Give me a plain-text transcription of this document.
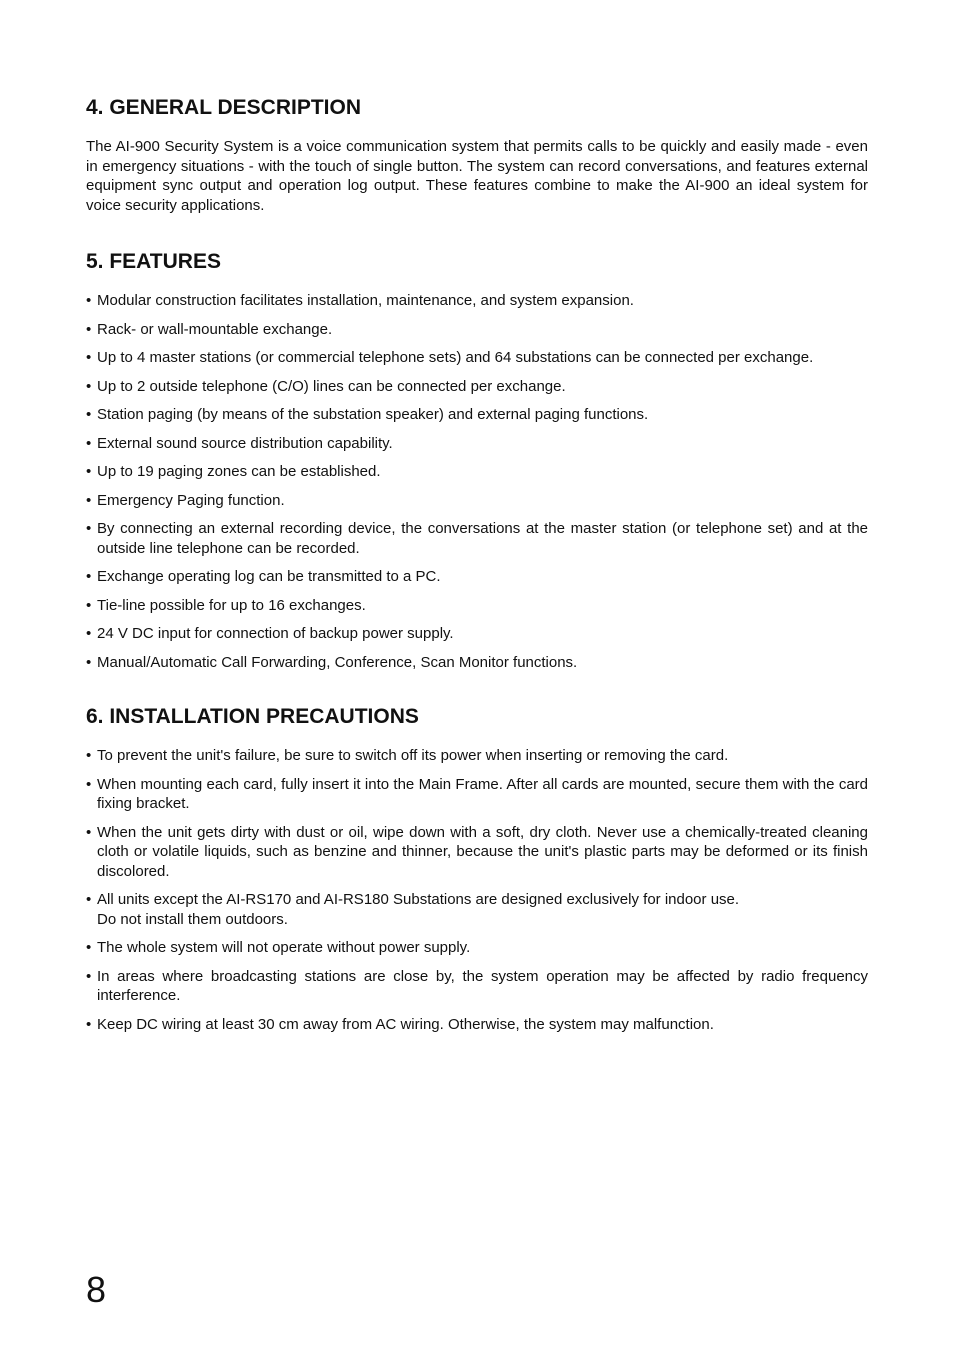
4. GENERAL DESCRIPTION

The AI-900 Security System is a voice communication system that permits calls to be quickly and easily made - even in emergency situations - with the touch of single button. The system can record conversations, and features external equipment sync output and operation log output. These features combine to make the AI-900 an ideal system for voice security applications.

5. FEATURES
• Modular construction facilitates installation, maintenance, and system expansion.
• Rack- or wall-mountable exchange.
• Up to 4 master stations (or commercial telephone sets) and 64 substations can be connected per exchange.
• Up to 2 outside telephone (C/O) lines can be connected per exchange.
• Station paging (by means of the substation speaker) and external paging functions.
• External sound source distribution capability.
• Up to 19 paging zones can be established.
• Emergency Paging function.
• By connecting an external recording device, the conversations at the master station (or telephone set) and at the outside line telephone can be recorded.
• Exchange operating log can be transmitted to a PC.
• Tie-line possible for up to 16 exchanges.
• 24 V DC input for connection of backup power supply.
• Manual/Automatic Call Forwarding, Conference, Scan Monitor functions.
6. INSTALLATION PRECAUTIONS
• To prevent the unit's failure, be sure to switch off its power when inserting or removing the card.
• When mounting each card, fully insert it into the Main Frame. After all cards are mounted, secure them with the card fixing bracket.
• When the unit gets dirty with dust or oil, wipe down with a soft, dry cloth. Never use a chemically-treated cleaning cloth or volatile liquids, such as benzine and thinner, because the unit's plastic parts may be deformed or its finish discolored.
• All units except the AI-RS170 and AI-RS180 Substations are designed exclusively for indoor use.
Do not install them outdoors.
• The whole system will not operate without power supply.
• In areas where broadcasting stations are close by, the system operation may be affected by radio frequency interference.
• Keep DC wiring at least 30 cm away from AC wiring. Otherwise, the system may malfunction.
8
